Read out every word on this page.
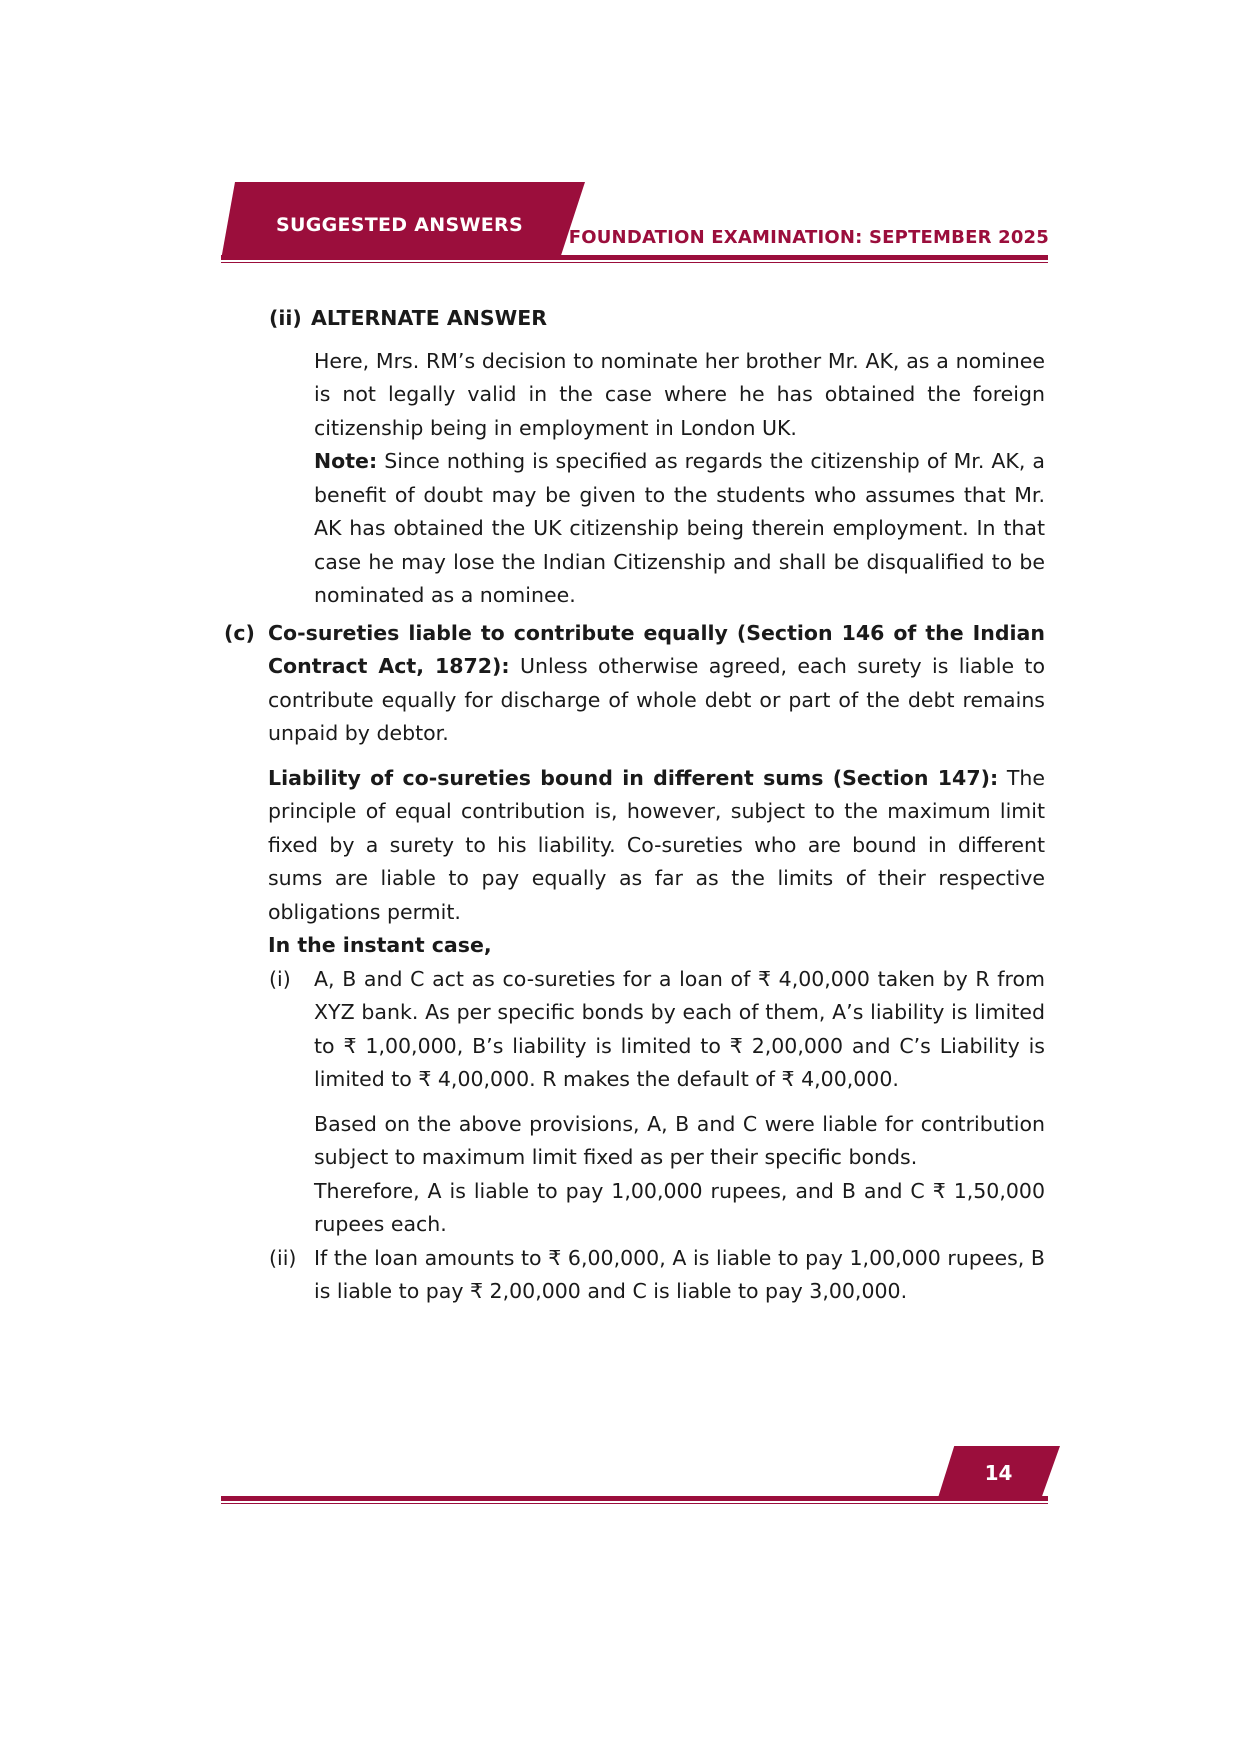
SUGGESTED ANSWERS
FOUNDATION EXAMINATION: SEPTEMBER 2025
(ii) ALTERNATE ANSWER

Here, Mrs. RM’s decision to nominate her brother Mr. AK, as a nominee is not legally valid in the case where he has obtained the foreign citizenship being in employment in London UK.

Note: Since nothing is specified as regards the citizenship of Mr. AK, a benefit of doubt may be given to the students who assumes that Mr. AK has obtained the UK citizenship being therein employment. In that case he may lose the Indian Citizenship and shall be disqualified to be nominated as a nominee.

(c) Co-sureties liable to contribute equally (Section 146 of the Indian Contract Act, 1872): Unless otherwise agreed, each surety is liable to contribute equally for discharge of whole debt or part of the debt remains unpaid by debtor.

Liability of co-sureties bound in different sums (Section 147): The principle of equal contribution is, however, subject to the maximum limit fixed by a surety to his liability. Co-sureties who are bound in different sums are liable to pay equally as far as the limits of their respective obligations permit.

In the instant case,

(i) A, B and C act as co-sureties for a loan of ₹ 4,00,000 taken by R from XYZ bank. As per specific bonds by each of them, A’s liability is limited to ₹ 1,00,000, B’s liability is limited to ₹ 2,00,000 and C’s Liability is limited to ₹ 4,00,000. R makes the default of ₹ 4,00,000.

Based on the above provisions, A, B and C were liable for contribution subject to maximum limit fixed as per their specific bonds.

Therefore, A is liable to pay 1,00,000 rupees, and B and C ₹ 1,50,000 rupees each.

(ii) If the loan amounts to ₹ 6,00,000, A is liable to pay 1,00,000 rupees, B is liable to pay ₹ 2,00,000 and C is liable to pay 3,00,000.

14
